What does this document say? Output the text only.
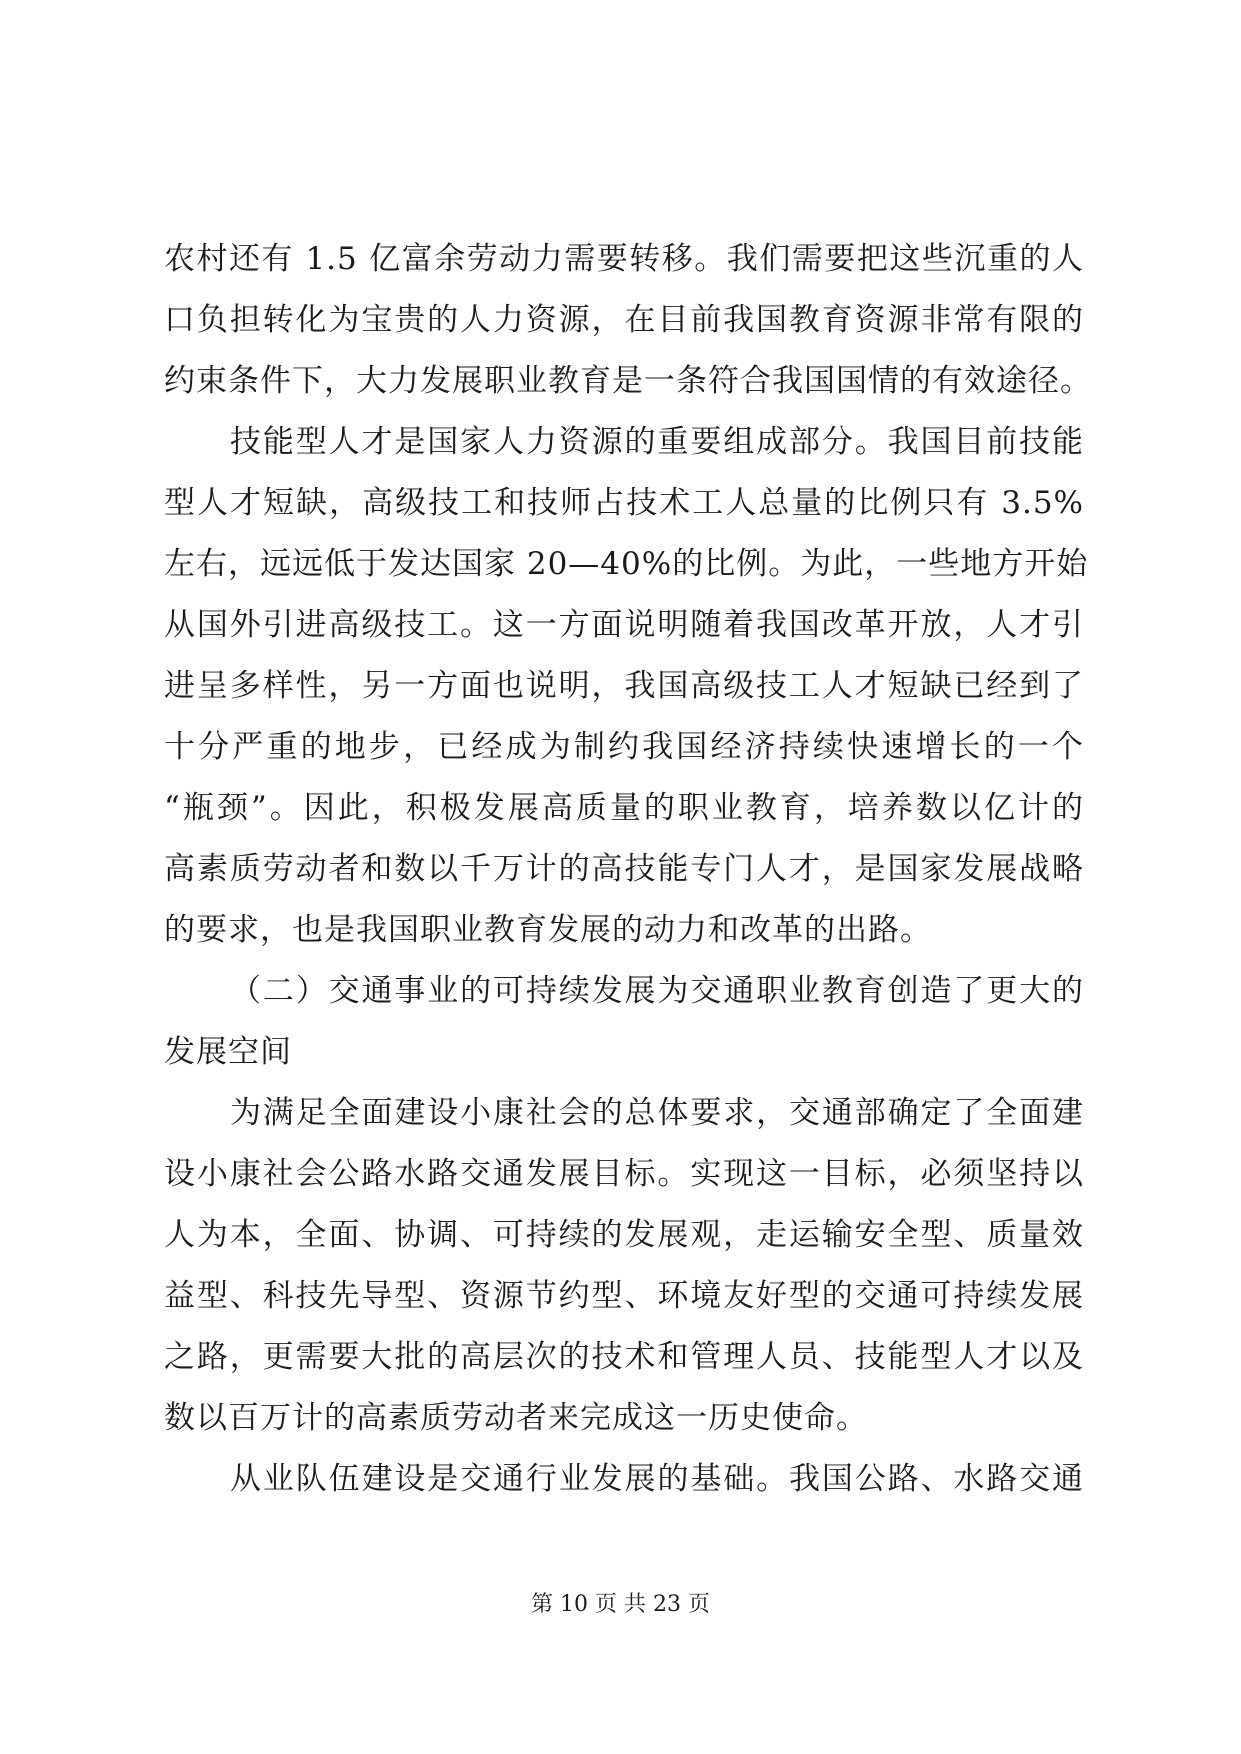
农村还有 1.5 亿富余劳动力需要转移。我们需要把这些沉重的人
口负担转化为宝贵的人力资源，在目前我国教育资源非常有限的
约束条件下，大力发展职业教育是一条符合我国国情的有效途径。
技能型人才是国家人力资源的重要组成部分。我国目前技能
型人才短缺，高级技工和技师占技术工人总量的比例只有 3.5%
左右，远远低于发达国家 20—40%的比例。为此，一些地方开始
从国外引进高级技工。这一方面说明随着我国改革开放，人才引
进呈多样性，另一方面也说明，我国高级技工人才短缺已经到了
十分严重的地步，已经成为制约我国经济持续快速增长的一个
“瓶颈”。因此，积极发展高质量的职业教育，培养数以亿计的
高素质劳动者和数以千万计的高技能专门人才，是国家发展战略
的要求，也是我国职业教育发展的动力和改革的出路。
（二）交通事业的可持续发展为交通职业教育创造了更大的
发展空间
为满足全面建设小康社会的总体要求，交通部确定了全面建
设小康社会公路水路交通发展目标。实现这一目标，必须坚持以
人为本，全面、协调、可持续的发展观，走运输安全型、质量效
益型、科技先导型、资源节约型、环境友好型的交通可持续发展
之路，更需要大批的高层次的技术和管理人员、技能型人才以及
数以百万计的高素质劳动者来完成这一历史使命。
从业队伍建设是交通行业发展的基础。我国公路、水路交通
第 10 页 共 23 页
